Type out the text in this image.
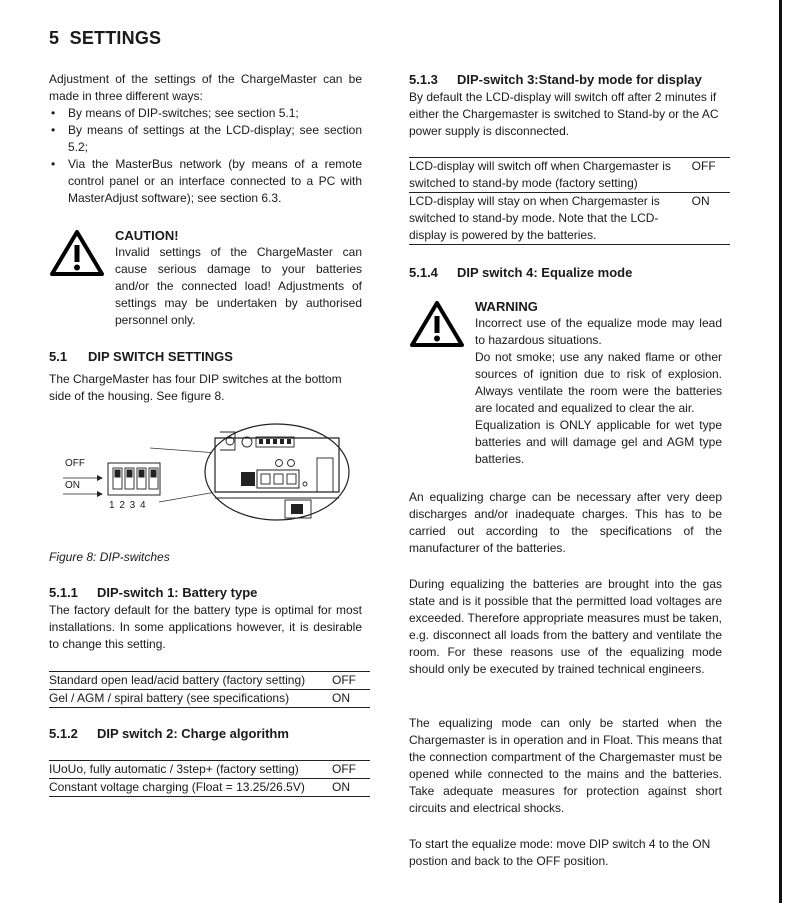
5 SETTINGS
Adjustment of the settings of the ChargeMaster can be made in three different ways:
• By means of DIP-switches; see section 5.1;
• By means of settings at the LCD-display; see section 5.2;
• Via the MasterBus network (by means of a remote control panel or an interface connected to a PC with MasterAdjust software); see section 6.3.
CAUTION!
Invalid settings of the ChargeMaster can cause serious damage to your batteries and/or the connected load! Adjustments of settings may be undertaken by authorised personnel only.
5.1 DIP SWITCH SETTINGS
The ChargeMaster has four DIP switches at the bottom side of the housing. See figure 8.
OFF
ON
1 2 3 4
Figure 8: DIP-switches
5.1.1 DIP-switch 1: Battery type
The factory default for the battery type is optimal for most installations. In some applications however, it is desirable to change this setting.
Standard open lead/acid battery (factory setting)	OFF
Gel / AGM / spiral battery (see specifications)	ON
5.1.2 DIP switch 2: Charge algorithm
IUoUo, fully automatic / 3step+ (factory setting)	OFF
Constant voltage charging (Float = 13.25/26.5V)	ON
5.1.3 DIP-switch 3:Stand-by mode for display
By default the LCD-display will switch off after 2 minutes if either the Chargemaster is switched to Stand-by or the AC power supply is disconnected.
LCD-display will switch off when Chargemaster is switched to stand-by mode (factory setting)	OFF
LCD-display will stay on when Chargemaster is switched to stand-by mode. Note that the LCD-display is powered by the batteries.	ON
5.1.4 DIP switch 4: Equalize mode
WARNING
Incorrect use of the equalize mode may lead to hazardous situations.
Do not smoke; use any naked flame or other sources of ignition due to risk of explosion. Always ventilate the room were the batteries are located and equalized to clear the air.
Equalization is ONLY applicable for wet type batteries and will damage gel and AGM type batteries.
An equalizing charge can be necessary after very deep discharges and/or inadequate charges. This has to be carried out according to the specifications of the manufacturer of the batteries.
During equalizing the batteries are brought into the gas state and is it possible that the permitted load voltages are exceeded. Therefore appropriate measures must be taken, e.g. disconnect all loads from the battery and ventilate the room. For these reasons use of the equalizing mode should only be executed by trained technical engineers.
The equalizing mode can only be started when the Chargemaster is in operation and in Float. This means that the connection compartment of the Chargemaster must be opened while connected to the mains and the batteries. Take adequate measures for protection against short circuits and electrical shocks.
To start the equalize mode: move DIP switch 4 to the ON postion and back to the OFF position.
